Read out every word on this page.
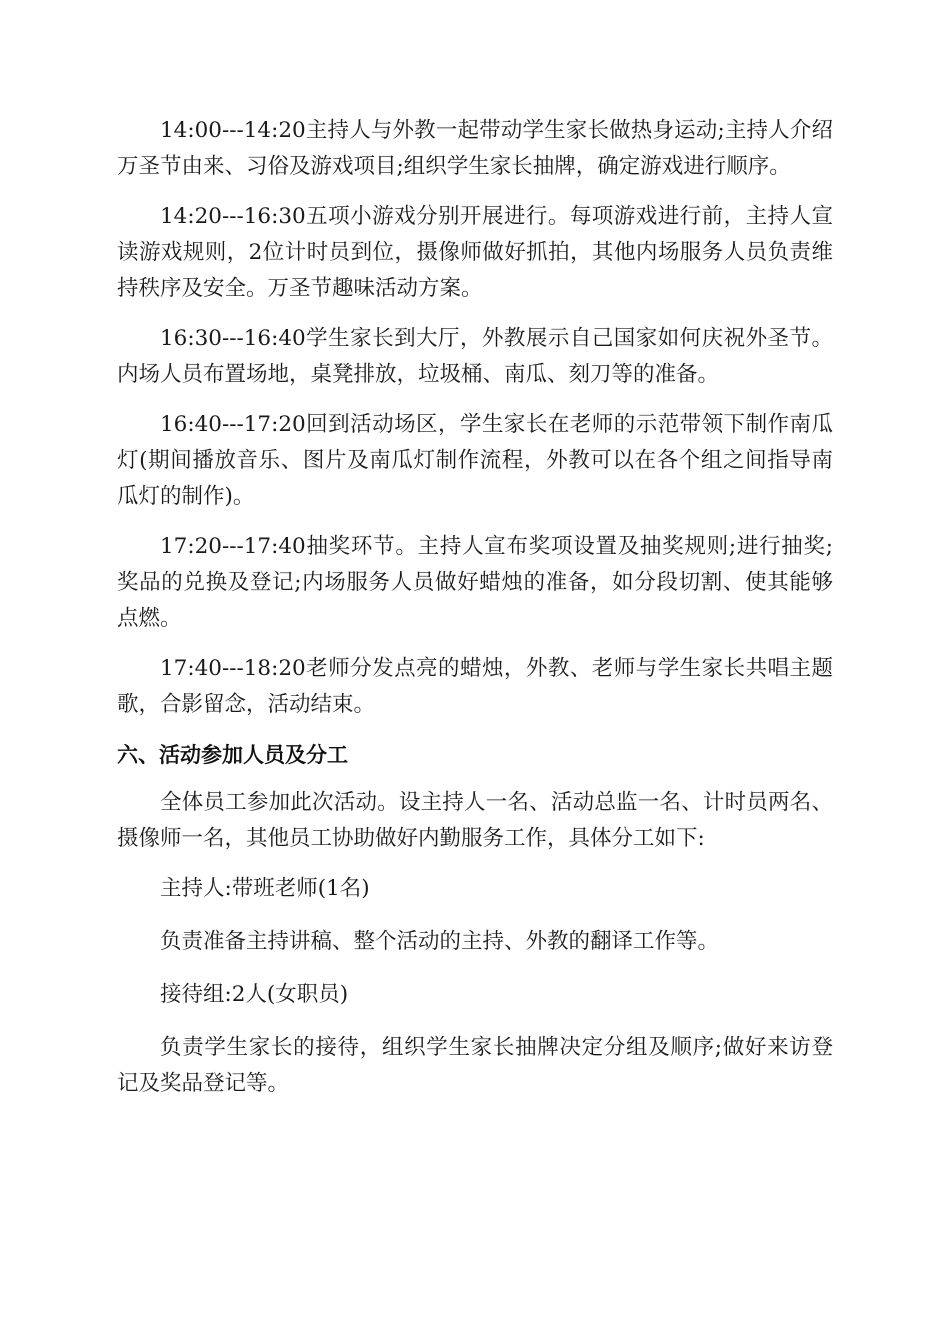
14:00---14:20主持人与外教一起带动学生家长做热身运动;主持人介绍万圣节由来、习俗及游戏项目;组织学生家长抽牌，确定游戏进行顺序。

14:20---16:30五项小游戏分别开展进行。每项游戏进行前，主持人宣读游戏规则，2位计时员到位，摄像师做好抓拍，其他内场服务人员负责维持秩序及安全。万圣节趣味活动方案。

16:30---16:40学生家长到大厅，外教展示自己国家如何庆祝外圣节。内场人员布置场地，桌凳排放，垃圾桶、南瓜、刻刀等的准备。

16:40---17:20回到活动场区，学生家长在老师的示范带领下制作南瓜灯(期间播放音乐、图片及南瓜灯制作流程，外教可以在各个组之间指导南瓜灯的制作)。

17:20---17:40抽奖环节。主持人宣布奖项设置及抽奖规则;进行抽奖;奖品的兑换及登记;内场服务人员做好蜡烛的准备，如分段切割、使其能够点燃。

17:40---18:20老师分发点亮的蜡烛，外教、老师与学生家长共唱主题歌，合影留念，活动结束。

六、活动参加人员及分工

全体员工参加此次活动。设主持人一名、活动总监一名、计时员两名、摄像师一名，其他员工协助做好内勤服务工作，具体分工如下:

主持人:带班老师(1名)

负责准备主持讲稿、整个活动的主持、外教的翻译工作等。

接待组:2人(女职员)

负责学生家长的接待，组织学生家长抽牌决定分组及顺序;做好来访登记及奖品登记等。
